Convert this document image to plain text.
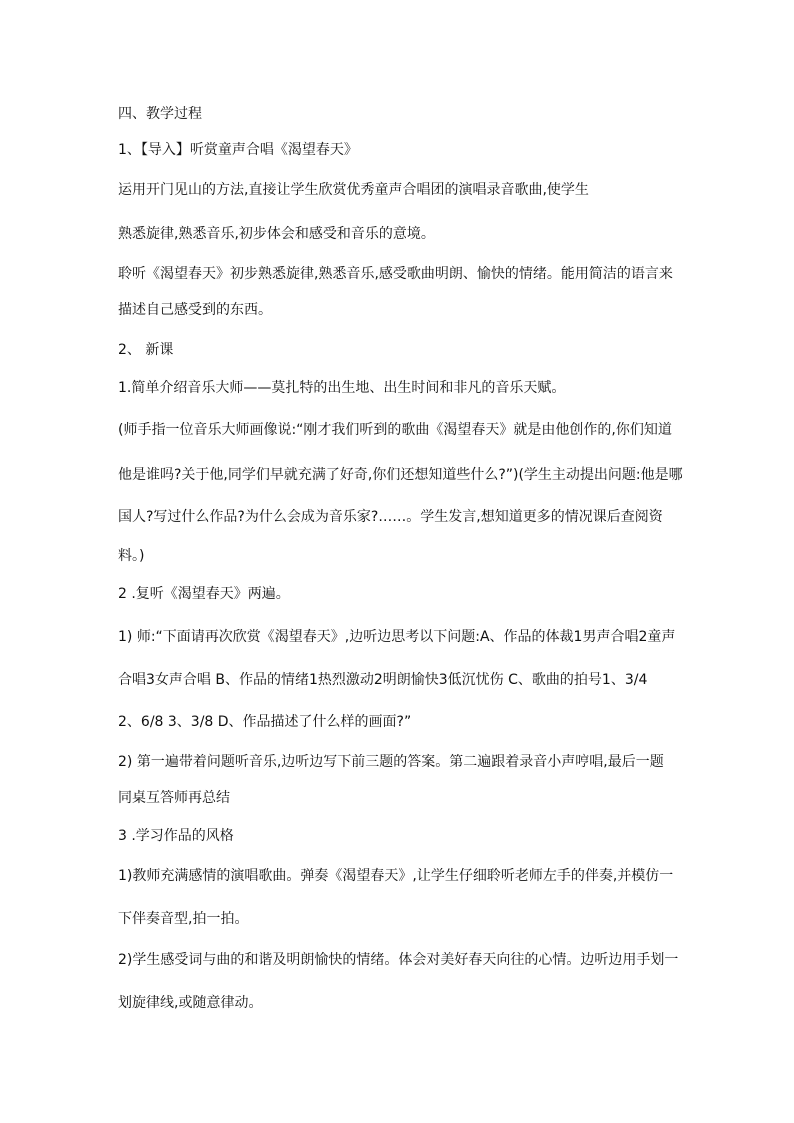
四、教学过程

1、【导入】听赏童声合唱《渴望春天》

运用开门见山的方法,直接让学生欣赏优秀童声合唱团的演唱录音歌曲,使学生

熟悉旋律,熟悉音乐,初步体会和感受和音乐的意境。

聆听《渴望春天》初步熟悉旋律,熟悉音乐,感受歌曲明朗、愉快的情绪。能用简洁的语言来

描述自己感受到的东西。

2、 新课

1.简单介绍音乐大师——莫扎特的出生地、出生时间和非凡的音乐天赋。

(师手指一位音乐大师画像说:“刚才我们听到的歌曲《渴望春天》就是由他创作的,你们知道

他是谁吗?关于他,同学们早就充满了好奇,你们还想知道些什么?”)(学生主动提出问题:他是哪

国人?写过什么作品?为什么会成为音乐家?……。学生发言,想知道更多的情况课后查阅资

料。)

2 .复听《渴望春天》两遍。

1) 师:“下面请再次欣赏《渴望春天》,边听边思考以下问题:A、作品的体裁1男声合唱2童声

合唱3女声合唱 B、作品的情绪1热烈激动2明朗愉快3低沉忧伤 C、歌曲的拍号1、3/4

2、6/8 3、3/8 D、作品描述了什么样的画面?”

2) 第一遍带着问题听音乐,边听边写下前三题的答案。第二遍跟着录音小声哼唱,最后一题

同桌互答师再总结

3 .学习作品的风格

1)教师充满感情的演唱歌曲。弹奏《渴望春天》,让学生仔细聆听老师左手的伴奏,并模仿一

下伴奏音型,拍一拍。

2)学生感受词与曲的和谐及明朗愉快的情绪。体会对美好春天向往的心情。边听边用手划一

划旋律线,或随意律动。
